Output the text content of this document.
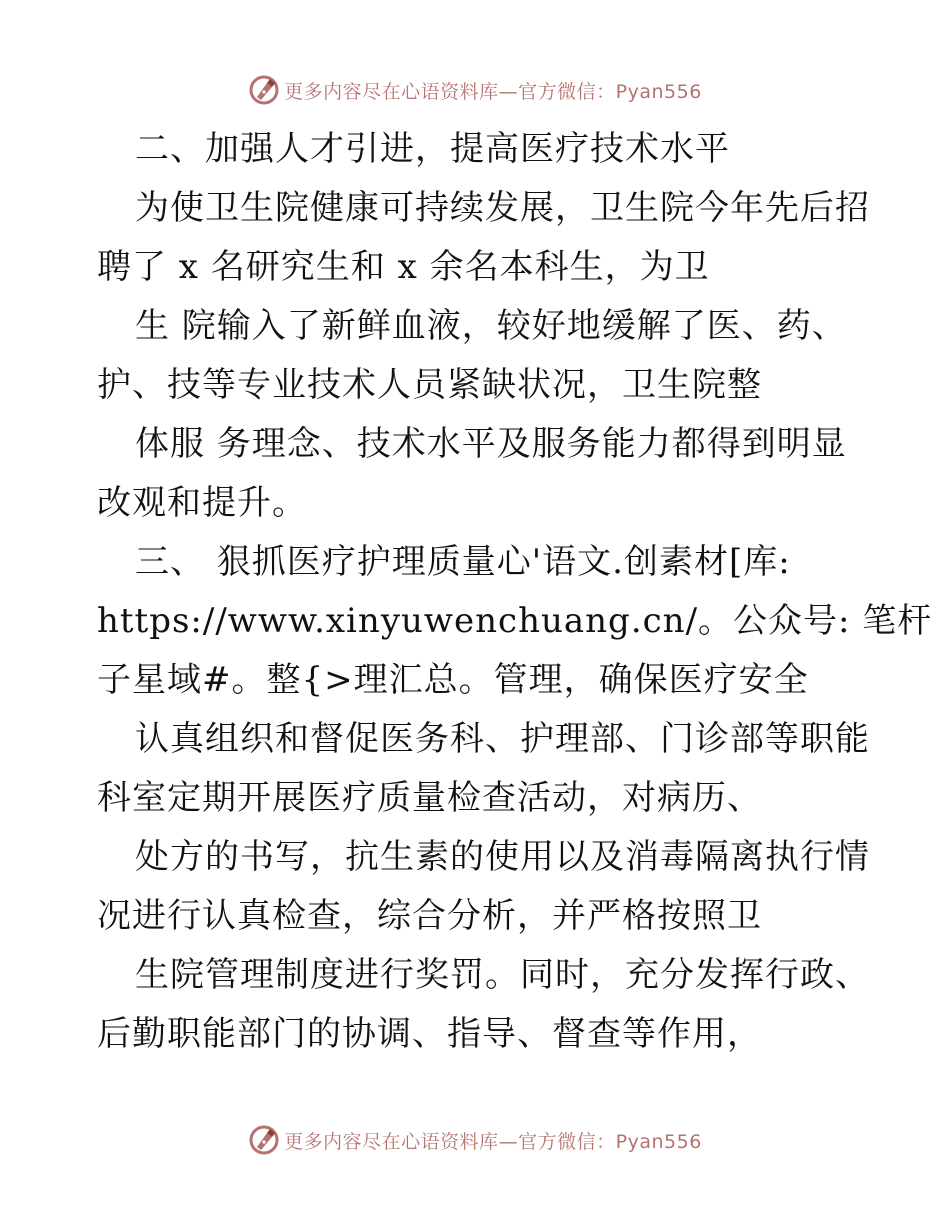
更多内容尽在心语资料库—官方微信：Pyan556
二、加强人才引进，提高医疗技术水平
为使卫生院健康可持续发展，卫生院今年先后招
聘了 x 名研究生和 x 余名本科生，为卫
生 院输入了新鲜血液，较好地缓解了医、药、
护、技等专业技术人员紧缺状况，卫生院整
体服 务理念、技术水平及服务能力都得到明显
改观和提升。
三、 狠抓医疗护理质量心'语文.创素材[库:
https://www.xinyuwenchuang.cn/。公众号: 笔杆
子星域#。整{>理汇总。管理，确保医疗安全
认真组织和督促医务科、护理部、门诊部等职能
科室定期开展医疗质量检查活动，对病历、
处方的书写，抗生素的使用以及消毒隔离执行情
况进行认真检查，综合分析，并严格按照卫
生院管理制度进行奖罚。同时，充分发挥行政、
后勤职能部门的协调、指导、督查等作用，
更多内容尽在心语资料库—官方微信：Pyan556
